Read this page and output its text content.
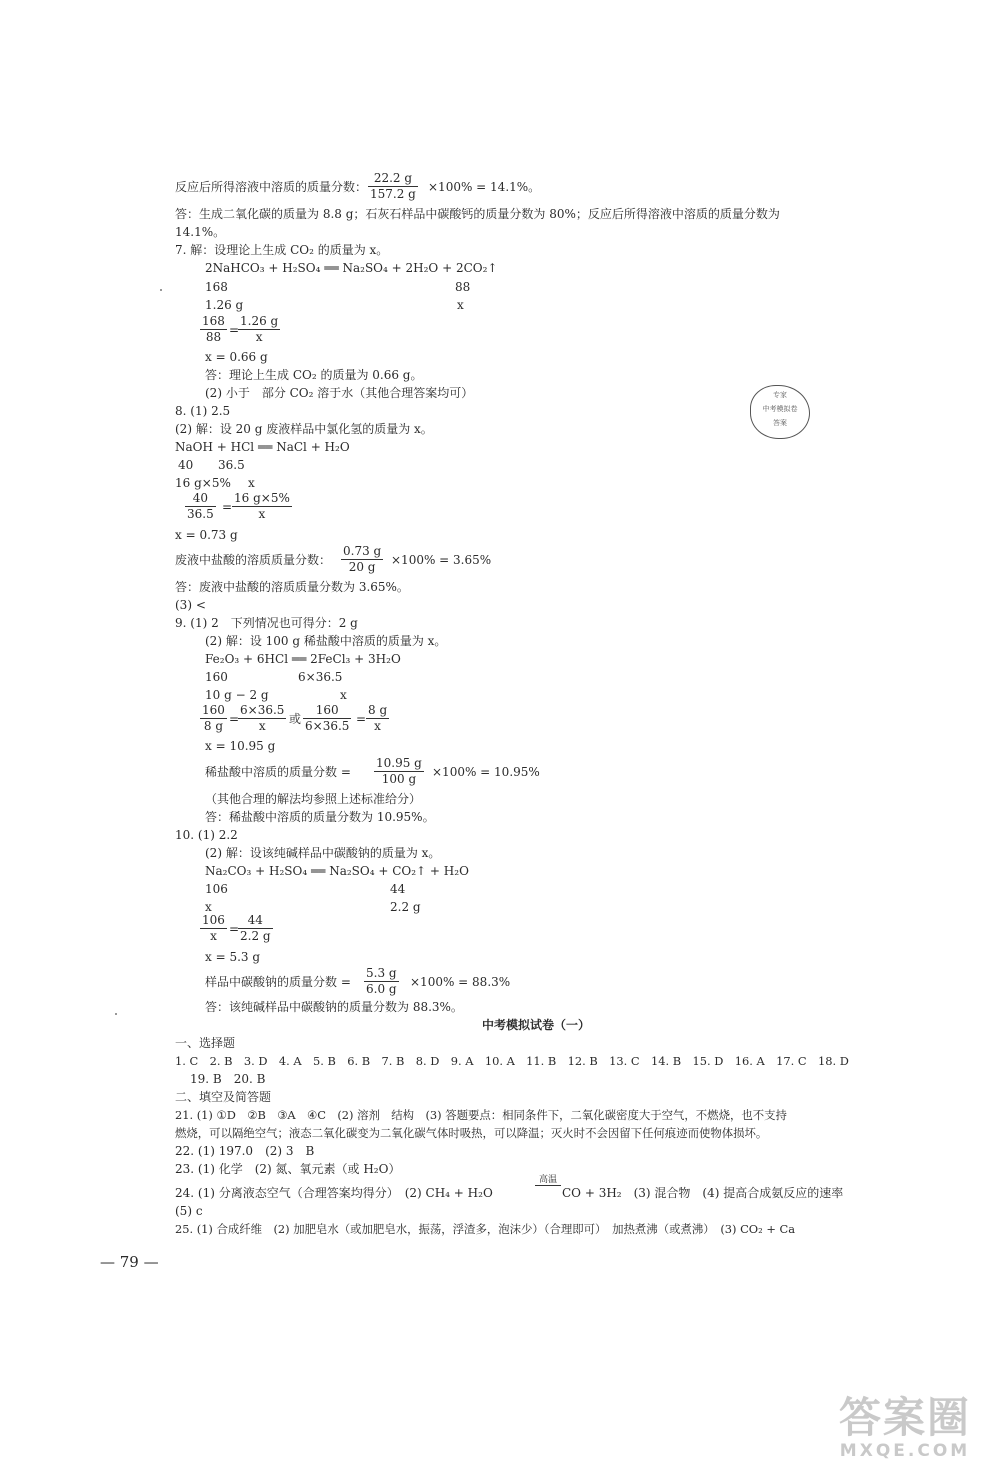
反应后所得溶液中溶质的质量分数： $\frac{22.2 g}{157.2 g} \times 100\% = 14.1\%$。
答：生成二氧化碳的质量为 8.8 g；石灰石样品中碳酸钙的质量分数为 80%；反应后所得溶液中溶质的质量分数为
14.1%。
7. 解：设理论上生成 CO₂ 的质量为 x。
2NaHCO₃ + H₂SO₄ ══ Na₂SO₄ + 2H₂O + 2CO₂↑
168	88
1.26 g	x
$\frac{168}{88}$ =
$\frac{1.26 g}{x}$
x = 0.66 g
答：理论上生成 CO₂ 的质量为 0.66 g。
(2) 小于　部分 CO₂ 溶于水（其他合理答案均可）
8. (1) 2.5
(2) 解：设 20 g 废液样品中氯化氢的质量为 x。
NaOH + HCl ══ NaCl + H₂O
40 36.5
16 g×5% x
$\frac{40}{36.5} = \frac{16 g\times 5\%}{x}$
x = 0.73 g
废液中盐酸的溶质质量分数： $\frac{0.73 g}{20 g} \times 100\% = 3.65\%$
答：废液中盐酸的溶质质量分数为 3.65%。
(3) <
9. (1) 2　下列情况也可得分：2 g
(2) 解：设 100 g 稀盐酸中溶质的质量为 x。
Fe₂O₃ + 6HCl ══ 2FeCl₃ + 3H₂O
160	6×36.5
10 g − 2 g	x
$\frac{160}{8 g}$ =
$\frac{6\times 36.5}{x}$ 或 $\frac{160}{6\times 36.5} = \frac{8 g}{x}$
x = 10.95 g
稀盐酸中溶质的质量分数 = $\frac{10.95 g}{100 g} \times 100\% = 10.95\%$
（其他合理的解法均参照上述标准给分）
答：稀盐酸中溶质的质量分数为 10.95%。
10. (1) 2.2
(2) 解：设该纯碱样品中碳酸钠的质量为 x。
Na₂CO₃ + H₂SO₄ ══ Na₂SO₄ + CO₂↑ + H₂O
106	44
x	2.2 g
$\frac{106}{x}$ =
$\frac{44}{2.2 g}$
x = 5.3 g
样品中碳酸钠的质量分数 = $\frac{5.3 g}{6.0 g} \times 100\% = 88.3\%$
答：该纯碱样品中碳酸钠的质量分数为 88.3%。
中考模拟试卷（一）
一、选择题
1. C　2. B　3. D　4. A　5. B　6. B　7. B　8. D　9. A　10. A　11. B　12. B　13. C　14. B　15. D　16. A　17. C　18. D
19. B　20. B
二、填空及简答题
21. (1) ①D　②B　③A　④C　(2) 溶剂　结构　(3) 答题要点：相同条件下，二氧化碳密度大于空气，不燃烧，也不支持
燃烧，可以隔绝空气；液态二氧化碳变为二氧化碳气体时吸热，可以降温；灭火时不会因留下任何痕迹而使物体损坏。
22. (1) 197.0　(2) 3　B
23. (1) 化学　(2) 氮、氧元素（或 H₂O）
24. (1) 分离液态空气（合理答案均得分）　(2) CH₄ + H₂O
高温
CO + 3H₂　(3) 混合物　(4) 提高合成氨反应的速率
(5) c
25. (1) 合成纤维　(2) 加肥皂水（或加肥皂水，振荡，浮渣多，泡沫少）（合理即可）　加热煮沸（或煮沸）　(3) CO₂ + Ca
— 79 —
专家
中考模拟卷
答案
答案圈
MXQE.COM
